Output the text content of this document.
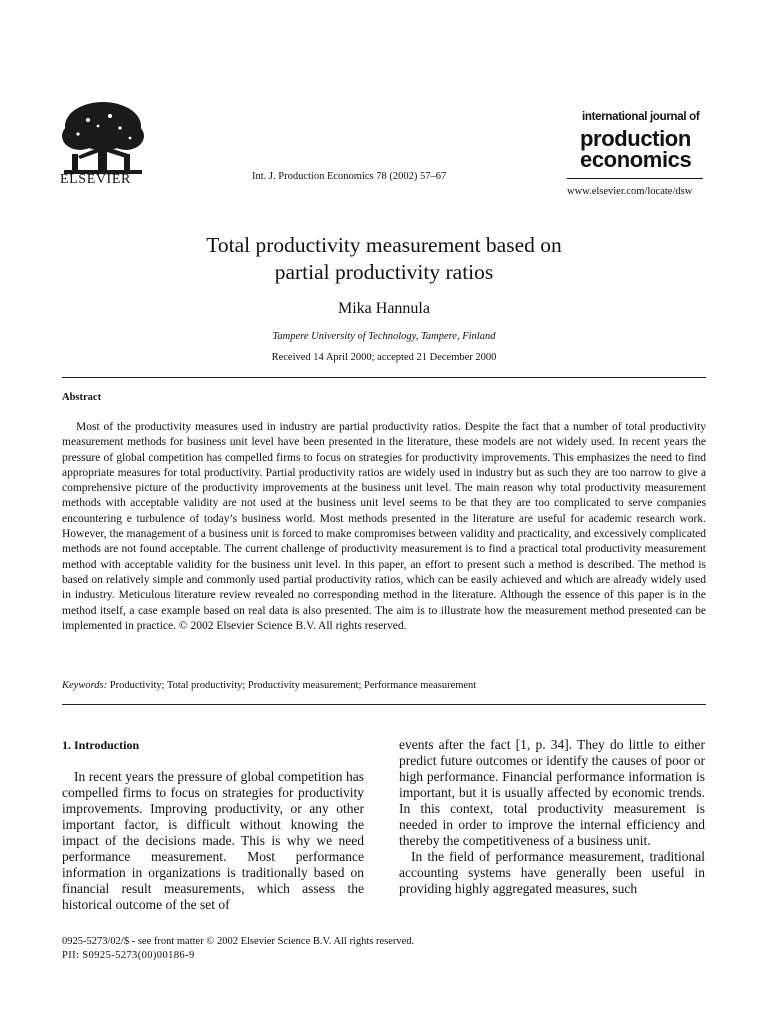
ELSEVIER	Int. J. Production Economics 78 (2002) 57–67
international journal of
production
economics
www.elsevier.com/locate/dsw
Total productivity measurement based on
partial productivity ratios
Mika Hannula
Tampere University of Technology, Tampere, Finland
Received 14 April 2000; accepted 21 December 2000
Abstract
Most of the productivity measures used in industry are partial productivity ratios. Despite the fact that a number of total productivity measurement methods for business unit level have been presented in the literature, these models are not widely used. In recent years the pressure of global competition has compelled firms to focus on strategies for productivity improvements. This emphasizes the need to find appropriate measures for total productivity. Partial productivity ratios are widely used in industry but as such they are too narrow to give a comprehensive picture of the productivity improvements at the business unit level. The main reason why total productivity measurement methods with acceptable validity are not used at the business unit level seems to be that they are too complicated to serve companies encountering e turbulence of today’s business world. Most methods presented in the literature are useful for academic research work. However, the management of a business unit is forced to make compromises between validity and practicality, and excessively complicated methods are not found acceptable. The current challenge of productivity measurement is to find a practical total productivity measurement method with acceptable validity for the business unit level. In this paper, an effort to present such a method is described. The method is based on relatively simple and commonly used partial productivity ratios, which can be easily achieved and which are already widely used in industry. Meticulous literature review revealed no corresponding method in the literature. Although the essence of this paper is in the method itself, a case example based on real data is also presented. The aim is to illustrate how the measurement method presented can be implemented in practice. © 2002 Elsevier Science B.V. All rights reserved.
Keywords: Productivity; Total productivity; Productivity measurement; Performance measurement
1. Introduction
In recent years the pressure of global competition has compelled firms to focus on strategies for productivity improvements. Improving productivity, or any other important factor, is difficult without knowing the impact of the decisions made. This is why we need performance measurement. Most performance information in organizations is traditionally based on financial result measurements, which assess the historical outcome of the set of

events after the fact [1, p. 34]. They do little to either predict future outcomes or identify the causes of poor or high performance. Financial performance information is important, but it is usually affected by economic trends. In this context, total productivity measurement is needed in order to improve the internal efficiency and thereby the competitiveness of a business unit.

In the field of performance measurement, traditional accounting systems have generally been useful in providing highly aggregated measures, such

0925-5273/02/$ - see front matter © 2002 Elsevier Science B.V. All rights reserved.
PII: S0925-5273(00)00186-9
